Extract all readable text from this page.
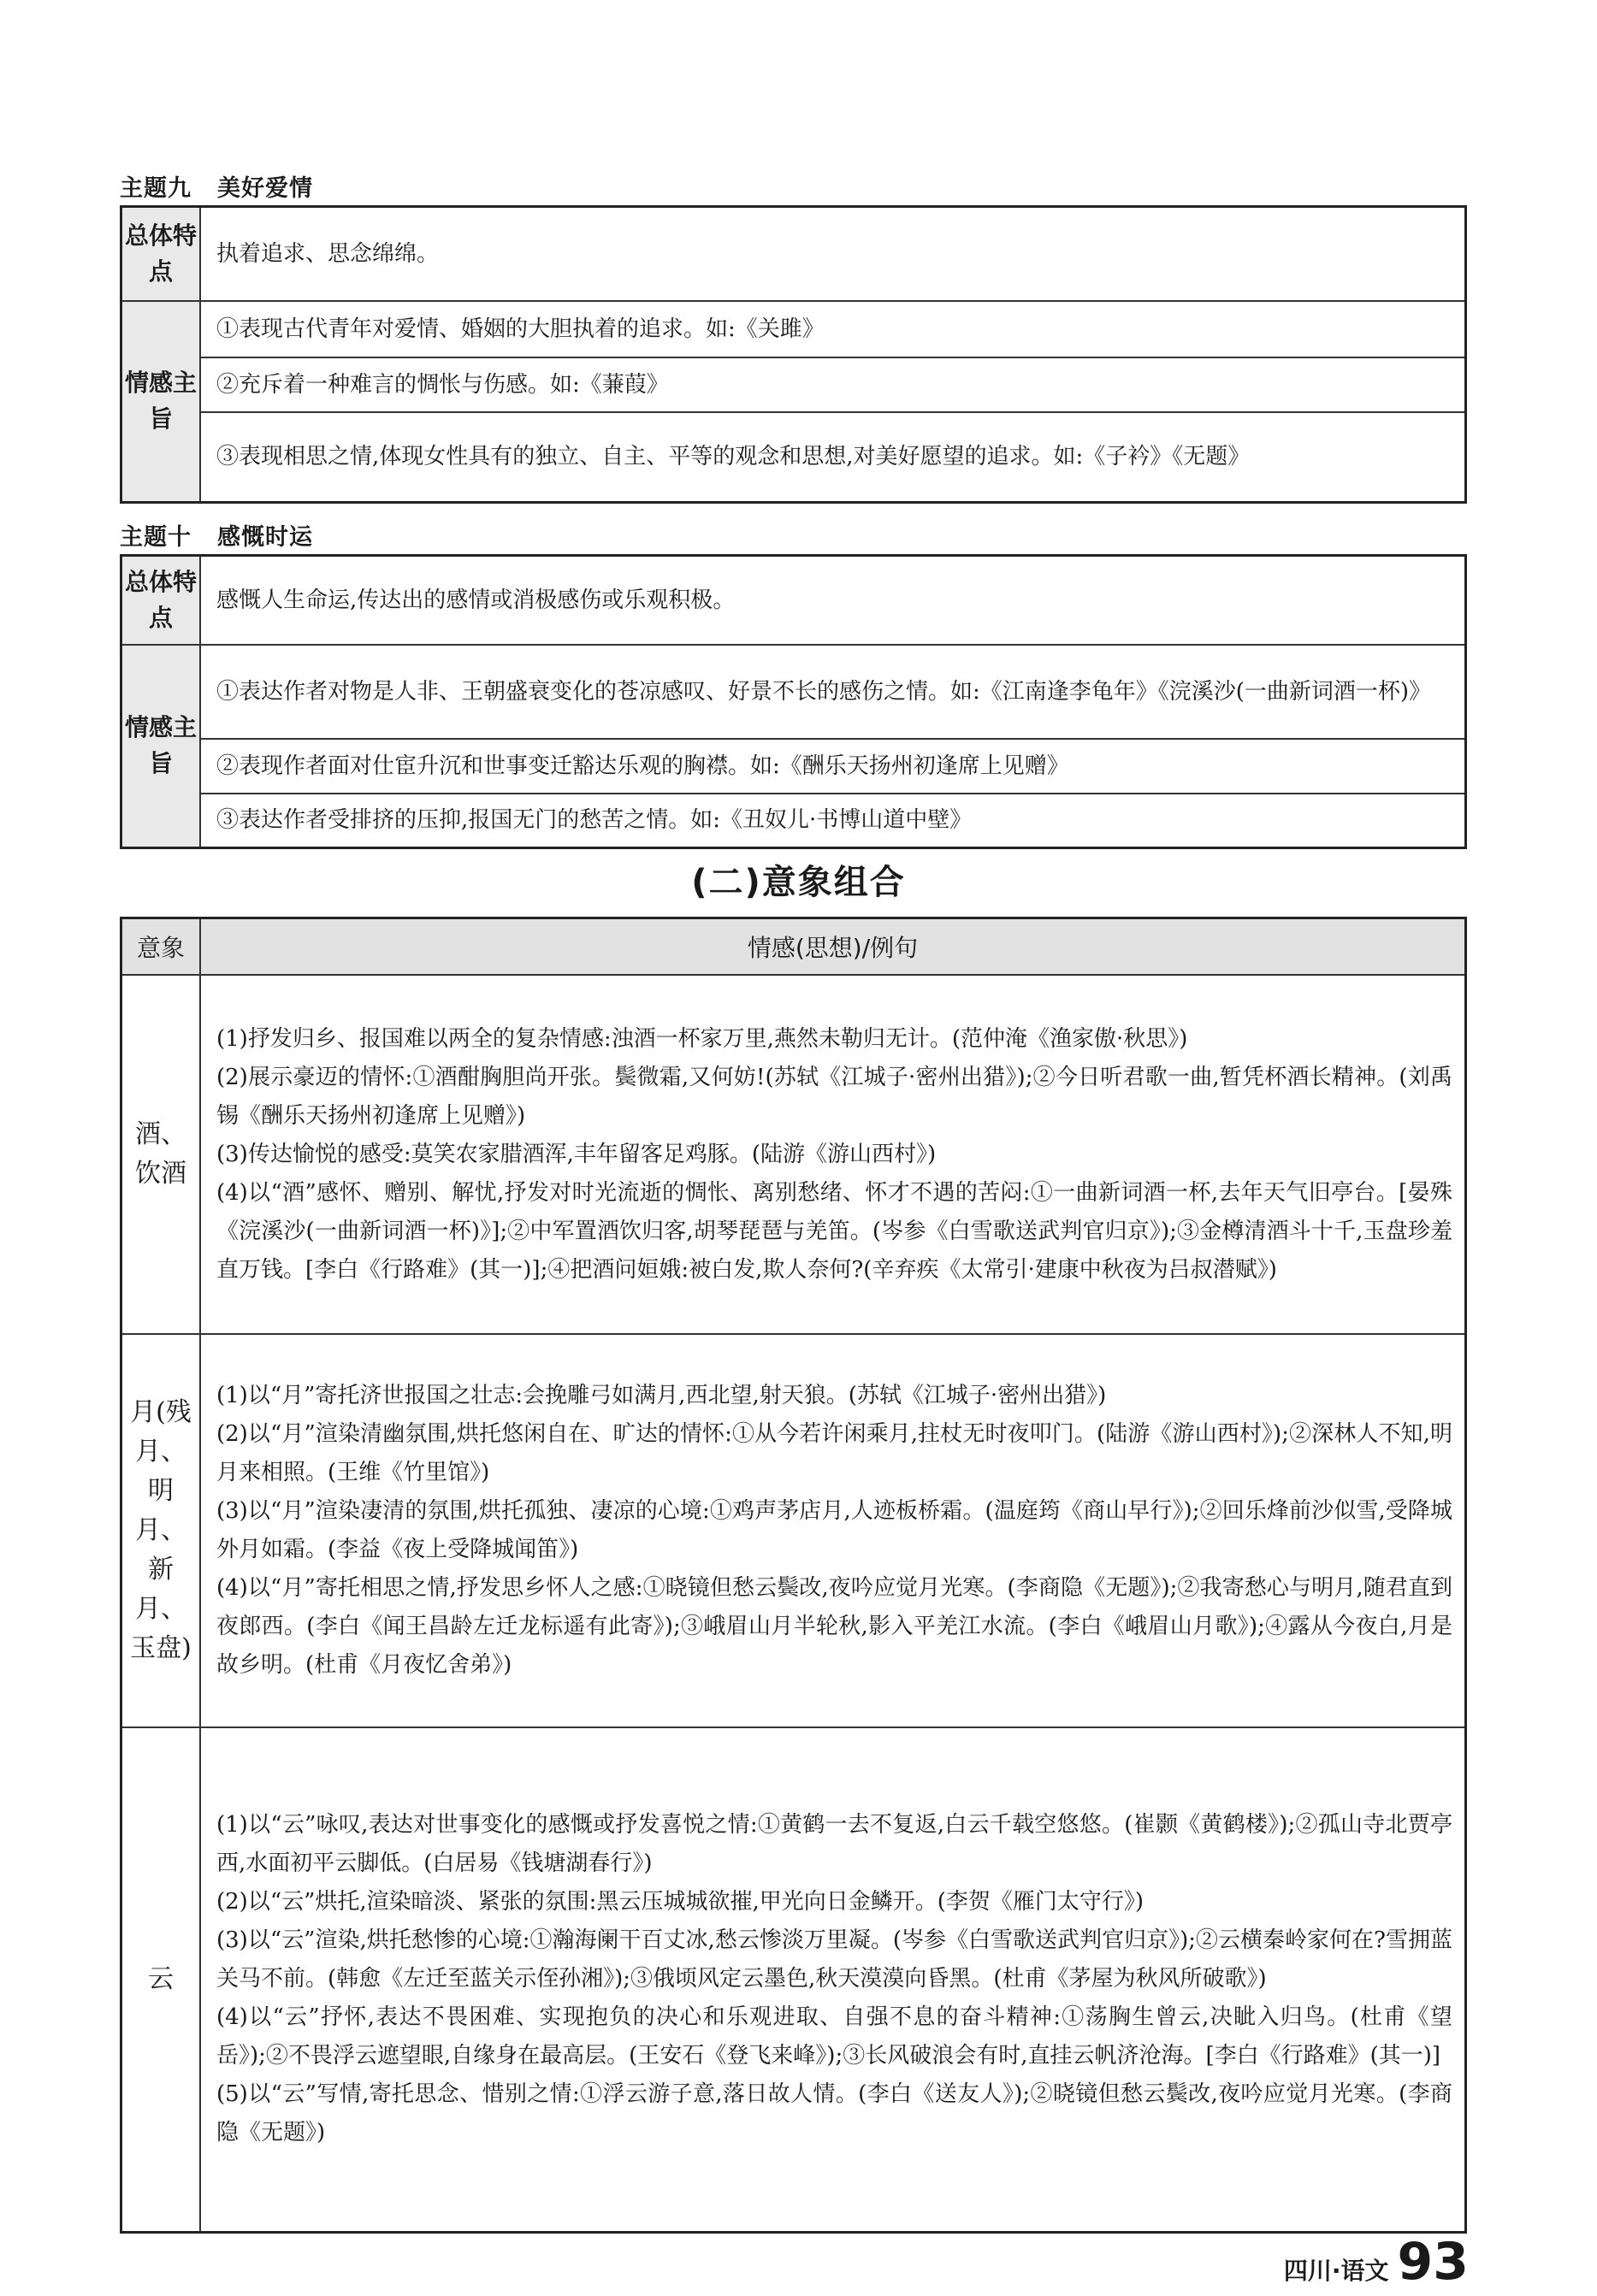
主题九 美好爱情
总体特点	执着追求、思念绵绵。
情感主旨	①表现古代青年对爱情、婚姻的大胆执着的追求。如:《关雎》
	②充斥着一种难言的惆怅与伤感。如:《蒹葭》
	③表现相思之情,体现女性具有的独立、自主、平等的观念和思想,对美好愿望的追求。如:《子衿》《无题》
主题十 感慨时运
总体特点	感慨人生命运,传达出的感情或消极感伤或乐观积极。
情感主旨	①表达作者对物是人非、王朝盛衰变化的苍凉感叹、好景不长的感伤之情。如:《江南逢李龟年》《浣溪沙(一曲新词酒一杯)》
	②表现作者面对仕宦升沉和世事变迁豁达乐观的胸襟。如:《酬乐天扬州初逢席上见赠》
	③表达作者受排挤的压抑,报国无门的愁苦之情。如:《丑奴儿·书博山道中壁》
(二)意象组合
意象	情感(思想)/例句
酒、饮酒	(1)抒发归乡、报国难以两全的复杂情感:浊酒一杯家万里,燕然未勒归无计。(范仲淹《渔家傲·秋思》)
(2)展示豪迈的情怀:①酒酣胸胆尚开张。鬓微霜,又何妨!(苏轼《江城子·密州出猎》);②今日听君歌一曲,暂凭杯酒长精神。(刘禹锡《酬乐天扬州初逢席上见赠》)
(3)传达愉悦的感受:莫笑农家腊酒浑,丰年留客足鸡豚。(陆游《游山西村》)
(4)以“酒”感怀、赠别、解忧,抒发对时光流逝的惆怅、离别愁绪、怀才不遇的苦闷:①一曲新词酒一杯,去年天气旧亭台。[晏殊《浣溪沙(一曲新词酒一杯)》];②中军置酒饮归客,胡琴琵琶与羌笛。(岑参《白雪歌送武判官归京》);③金樽清酒斗十千,玉盘珍羞直万钱。[李白《行路难》(其一)];④把酒问姮娥:被白发,欺人奈何?(辛弃疾《太常引·建康中秋夜为吕叔潜赋》)

月(残月、明月、新月、玉盘)	(1)以“月”寄托济世报国之壮志:会挽雕弓如满月,西北望,射天狼。(苏轼《江城子·密州出猎》)
(2)以“月”渲染清幽氛围,烘托悠闲自在、旷达的情怀:①从今若许闲乘月,拄杖无时夜叩门。(陆游《游山西村》);②深林人不知,明月来相照。(王维《竹里馆》)
(3)以“月”渲染凄清的氛围,烘托孤独、凄凉的心境:①鸡声茅店月,人迹板桥霜。(温庭筠《商山早行》);②回乐烽前沙似雪,受降城外月如霜。(李益《夜上受降城闻笛》)
(4)以“月”寄托相思之情,抒发思乡怀人之感:①晓镜但愁云鬓改,夜吟应觉月光寒。(李商隐《无题》);②我寄愁心与明月,随君直到夜郎西。(李白《闻王昌龄左迁龙标遥有此寄》);③峨眉山月半轮秋,影入平羌江水流。(李白《峨眉山月歌》);④露从今夜白,月是故乡明。(杜甫《月夜忆舍弟》)

云	(1)以“云”咏叹,表达对世事变化的感慨或抒发喜悦之情:①黄鹤一去不复返,白云千载空悠悠。(崔颢《黄鹤楼》);②孤山寺北贾亭西,水面初平云脚低。(白居易《钱塘湖春行》)
(2)以“云”烘托,渲染暗淡、紧张的氛围:黑云压城城欲摧,甲光向日金鳞开。(李贺《雁门太守行》)
(3)以“云”渲染,烘托愁惨的心境:①瀚海阑干百丈冰,愁云惨淡万里凝。(岑参《白雪歌送武判官归京》);②云横秦岭家何在?雪拥蓝关马不前。(韩愈《左迁至蓝关示侄孙湘》);③俄顷风定云墨色,秋天漠漠向昏黑。(杜甫《茅屋为秋风所破歌》)
(4)以“云”抒怀,表达不畏困难、实现抱负的决心和乐观进取、自强不息的奋斗精神:①荡胸生曾云,决眦入归鸟。(杜甫《望岳》);②不畏浮云遮望眼,自缘身在最高层。(王安石《登飞来峰》);③长风破浪会有时,直挂云帆济沧海。[李白《行路难》(其一)]
(5)以“云”写情,寄托思念、惜别之情:①浮云游子意,落日故人情。(李白《送友人》);②晓镜但愁云鬓改,夜吟应觉月光寒。(李商隐《无题》)
四川·语文 93
